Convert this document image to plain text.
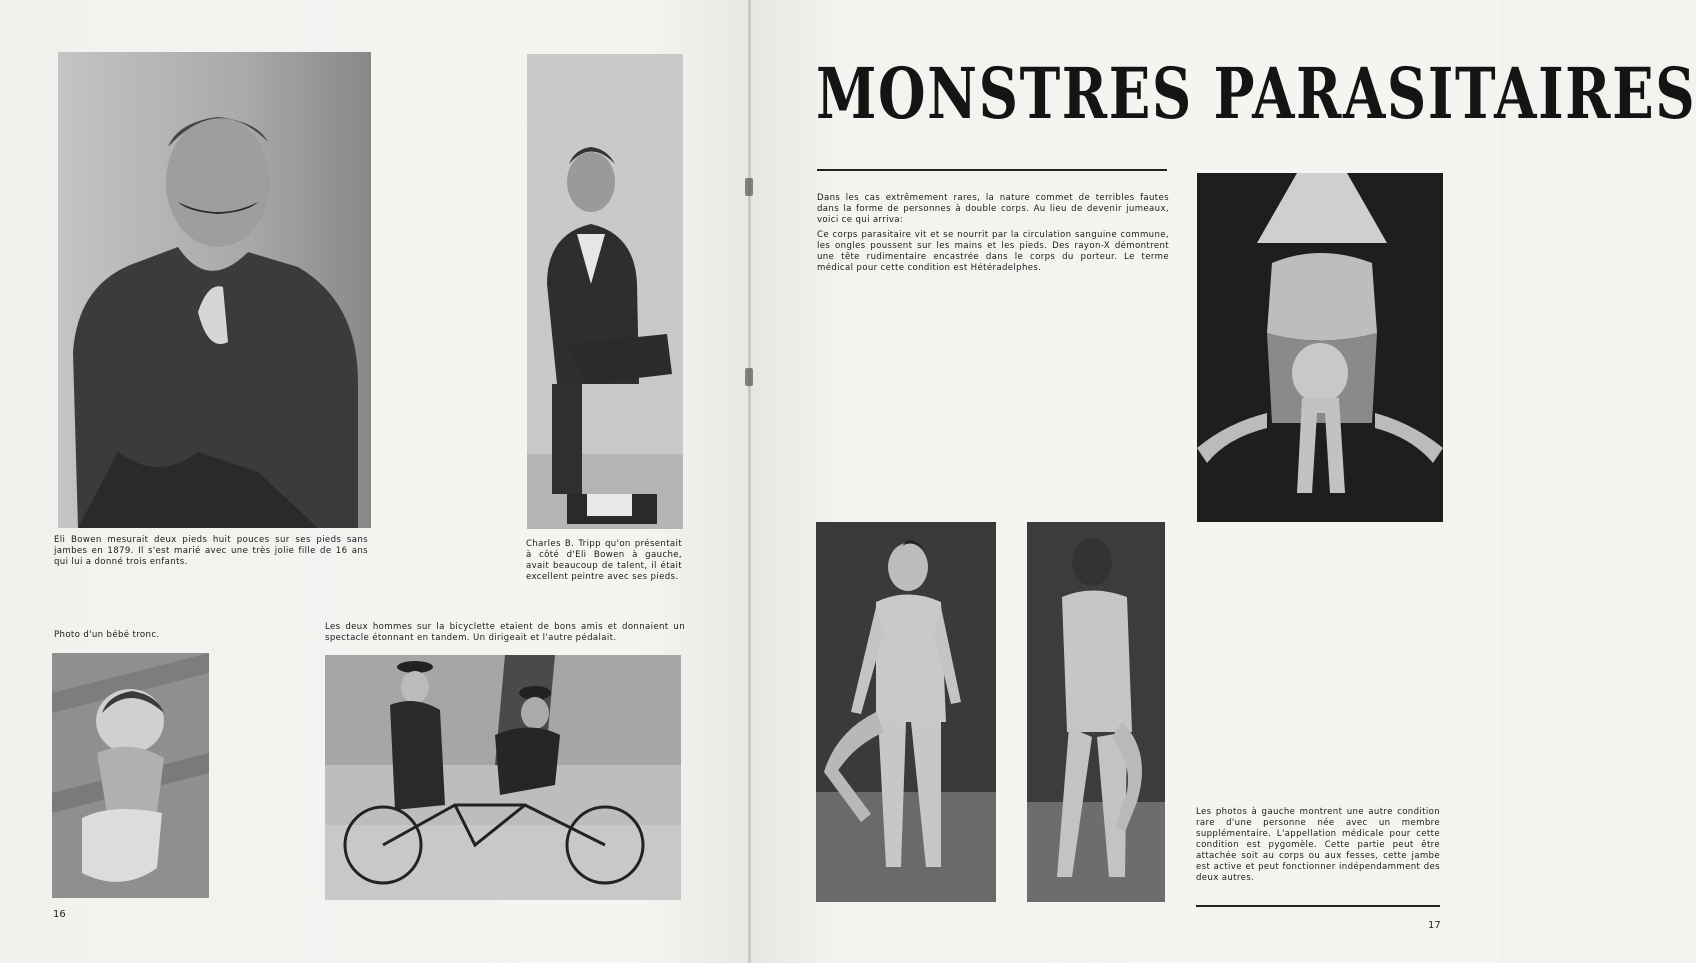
Eli Bowen mesurait deux pieds huit pouces sur ses pieds sans jambes en 1879. Il s'est marié avec une très jolie fille de 16 ans qui lui a donné trois enfants.
Charles B. Tripp qu'on présentait à côté d'Eli Bowen à gauche, avait beaucoup de talent, il était excellent peintre avec ses pieds.
Photo d'un bébé tronc.
Les deux hommes sur la bicyclette etaient de bons amis et donnaient un spectacle étonnant en tandem. Un dirigeait et l'autre pédalait.
16
MONSTRES PARASITAIRES

Dans les cas extrêmement rares, la nature commet de terribles fautes dans la forme de personnes à double corps. Au lieu de devenir jumeaux, voici ce qui arriva:

Ce corps parasitaire vit et se nourrit par la circulation sanguine commune, les ongles poussent sur les mains et les pieds. Des rayon-X démontrent une tête rudimentaire encastrée dans le corps du porteur. Le terme médical pour cette condition est Hétéradelphes.

Les photos à gauche montrent une autre condition rare d'une personne née avec un membre supplémentaire. L'appellation médicale pour cette condition est pygomèle. Cette partie peut être attachée soit au corps ou aux fesses, cette jambe est active et peut fonctionner indépendamment des deux autres.
17
